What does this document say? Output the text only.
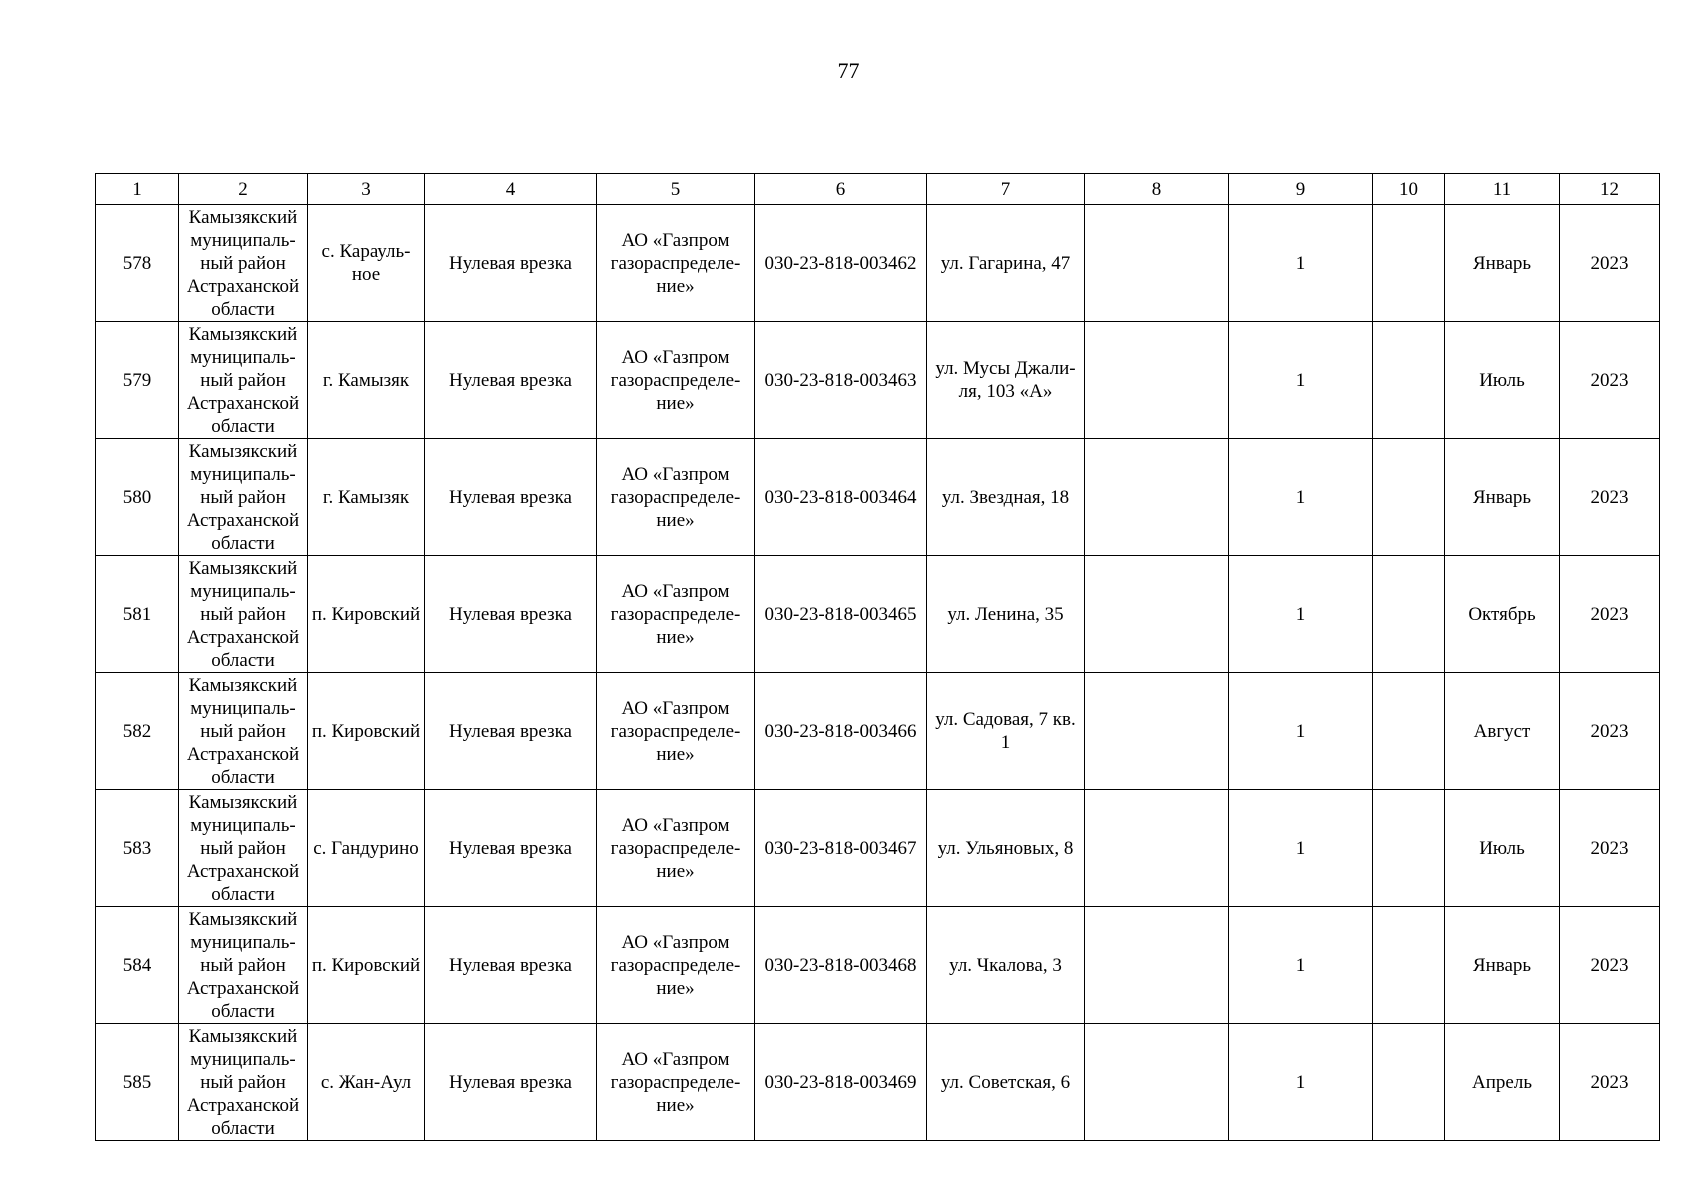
77
1	2	3	4	5	6	7	8	9	10	11	12
578	Камызякский
муниципаль-
ный район
Астраханской
области	с. Карауль-
ное	Нулевая врезка	АО «Газпром
газораспределе-
ние»	030-23-818-003462	ул. Гагарина, 47		1		Январь	2023
579	Камызякский
муниципаль-
ный район
Астраханской
области	г. Камызяк	Нулевая врезка	АО «Газпром
газораспределе-
ние»	030-23-818-003463	ул. Мусы Джали-
ля, 103 «А»		1		Июль	2023
580	Камызякский
муниципаль-
ный район
Астраханской
области	г. Камызяк	Нулевая врезка	АО «Газпром
газораспределе-
ние»	030-23-818-003464	ул. Звездная, 18		1		Январь	2023
581	Камызякский
муниципаль-
ный район
Астраханской
области	п. Кировский	Нулевая врезка	АО «Газпром
газораспределе-
ние»	030-23-818-003465	ул. Ленина, 35		1		Октябрь	2023
582	Камызякский
муниципаль-
ный район
Астраханской
области	п. Кировский	Нулевая врезка	АО «Газпром
газораспределе-
ние»	030-23-818-003466	ул. Садовая, 7 кв.
1		1		Август	2023
583	Камызякский
муниципаль-
ный район
Астраханской
области	с. Гандурино	Нулевая врезка	АО «Газпром
газораспределе-
ние»	030-23-818-003467	ул. Ульяновых, 8		1		Июль	2023
584	Камызякский
муниципаль-
ный район
Астраханской
области	п. Кировский	Нулевая врезка	АО «Газпром
газораспределе-
ние»	030-23-818-003468	ул. Чкалова, 3		1		Январь	2023
585	Камызякский
муниципаль-
ный район
Астраханской
области	с. Жан-Аул	Нулевая врезка	АО «Газпром
газораспределе-
ние»	030-23-818-003469	ул. Советская, 6		1		Апрель	2023
